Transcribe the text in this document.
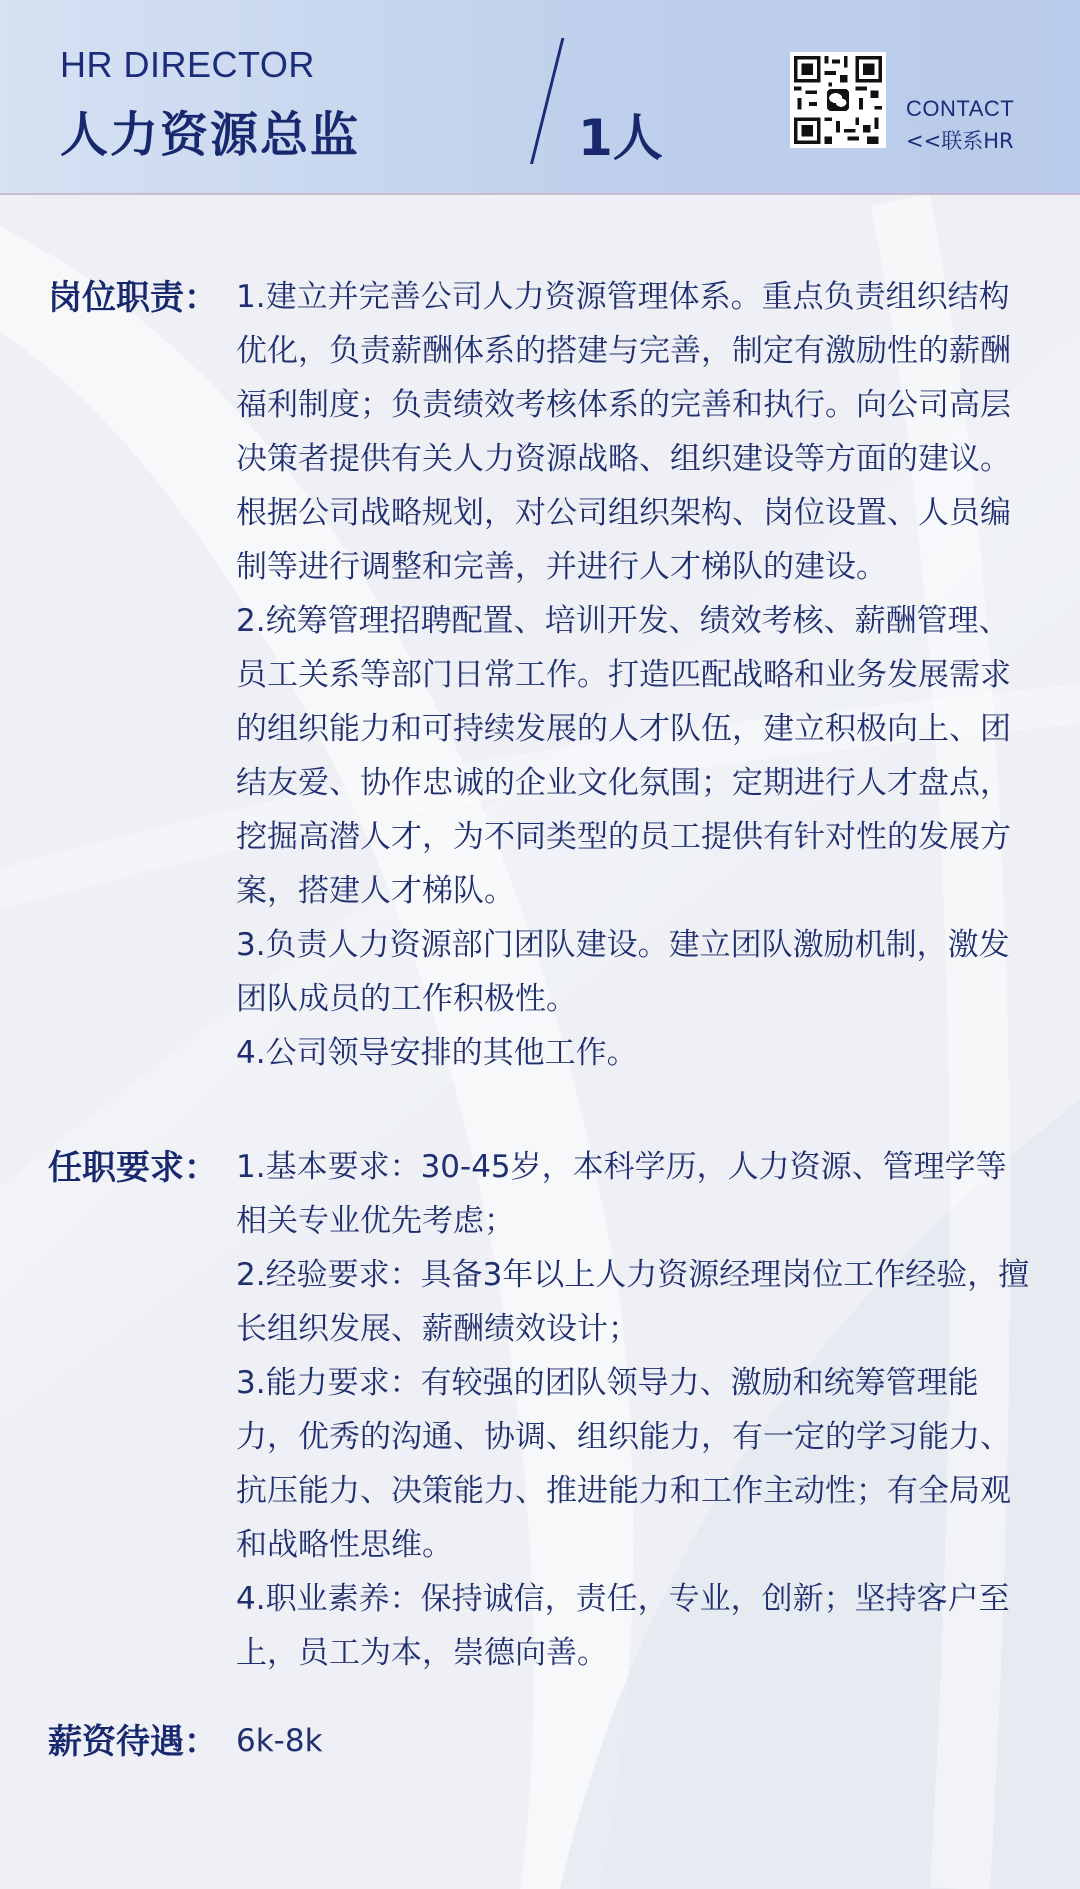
HR DIRECTOR
人力资源总监	1人
CONTACT
<<联系HR
岗位职责： 1.建立并完善公司人力资源管理体系。重点负责组织结构优化，负责薪酬体系的搭建与完善，制定有激励性的薪酬福利制度；负责绩效考核体系的完善和执行。向公司高层决策者提供有关人力资源战略、组织建设等方面的建议。根据公司战略规划，对公司组织架构、岗位设置、人员编制等进行调整和完善，并进行人才梯队的建设。

2.统筹管理招聘配置、培训开发、绩效考核、薪酬管理、员工关系等部门日常工作。打造匹配战略和业务发展需求的组织能力和可持续发展的人才队伍，建立积极向上、团结友爱、协作忠诚的企业文化氛围；定期进行人才盘点，挖掘高潜人才，为不同类型的员工提供有针对性的发展方案，搭建人才梯队。

3.负责人力资源部门团队建设。建立团队激励机制，激发团队成员的工作积极性。

4.公司领导安排的其他工作。

任职要求： 1.基本要求：30-45岁，本科学历，人力资源、管理学等相关专业优先考虑；

2.经验要求：具备3年以上人力资源经理岗位工作经验，擅长组织发展、薪酬绩效设计；

3.能力要求：有较强的团队领导力、激励和统筹管理能力，优秀的沟通、协调、组织能力，有一定的学习能力、抗压能力、决策能力、推进能力和工作主动性；有全局观和战略性思维。

4.职业素养：保持诚信，责任，专业，创新；坚持客户至上，员工为本，崇德向善。

薪资待遇： 6k-8k
